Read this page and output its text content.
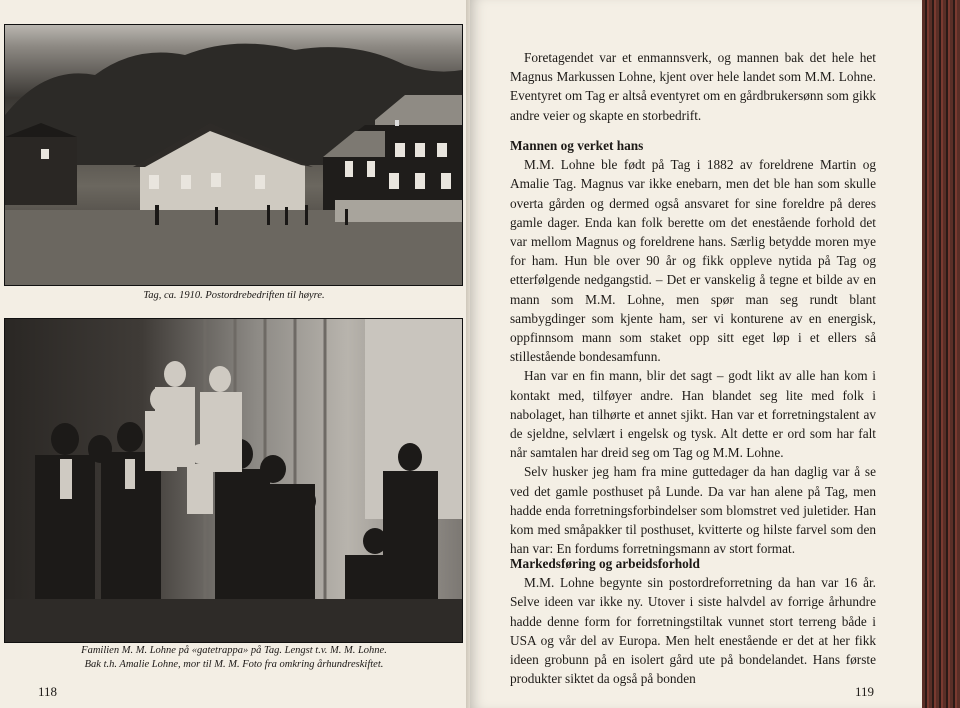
Tag, ca. 1910. Postordrebedriften til høyre.
Familien M. M. Lohne på «gatetrappa» på Tag. Lengst t.v. M. M. Lohne.
Bak t.h. Amalie Lohne, mor til M. M. Foto fra omkring århundreskiftet.
118

Foretagendet var et enmannsverk, og mannen bak det hele het Magnus Markussen Lohne, kjent over hele landet som M.M. Lohne. Eventyret om Tag er altså eventyret om en gårdbrukersønn som gikk andre veier og skapte en storbedrift.

Mannen og verket hans

M.M. Lohne ble født på Tag i 1882 av foreldrene Martin og Amalie Tag. Magnus var ikke enebarn, men det ble han som skulle overta gården og dermed også ansvaret for sine foreldre på deres gamle dager. Enda kan folk berette om det enestående forhold det var mellom Magnus og foreldrene hans. Særlig betydde moren mye for ham. Hun ble over 90 år og fikk oppleve nytida på Tag og etterfølgende nedgangstid. – Det er vanskelig å tegne et bilde av en mann som M.M. Lohne, men spør man seg rundt blant sambygdinger som kjente ham, ser vi konturene av en energisk, oppfinnsom mann som staket opp sitt eget løp i et ellers så stillestående bondesamfunn.

Han var en fin mann, blir det sagt – godt likt av alle han kom i kontakt med, tilføyer andre. Han blandet seg lite med folk i nabolaget, han tilhørte et annet sjikt. Han var et forretningstalent av de sjeldne, selvlært i engelsk og tysk. Alt dette er ord som har falt når samtalen har dreid seg om Tag og M.M. Lohne.

Selv husker jeg ham fra mine guttedager da han daglig var å se ved det gamle posthuset på Lunde. Da var han alene på Tag, men hadde enda forretningsforbindelser som blomstret ved juletider. Han kom med småpakker til posthuset, kvitterte og hilste farvel som den han var: En fordums forretningsmann av stort format.

Markedsføring og arbeidsforhold

M.M. Lohne begynte sin postordreforretning da han var 16 år. Selve ideen var ikke ny. Utover i siste halvdel av forrige århundre hadde denne form for forretningstiltak vunnet stort terreng både i USA og vår del av Europa. Men helt enestående er det at her fikk ideen grobunn på en isolert gård ute på bondelandet. Hans første produkter siktet da også på bonden

119
